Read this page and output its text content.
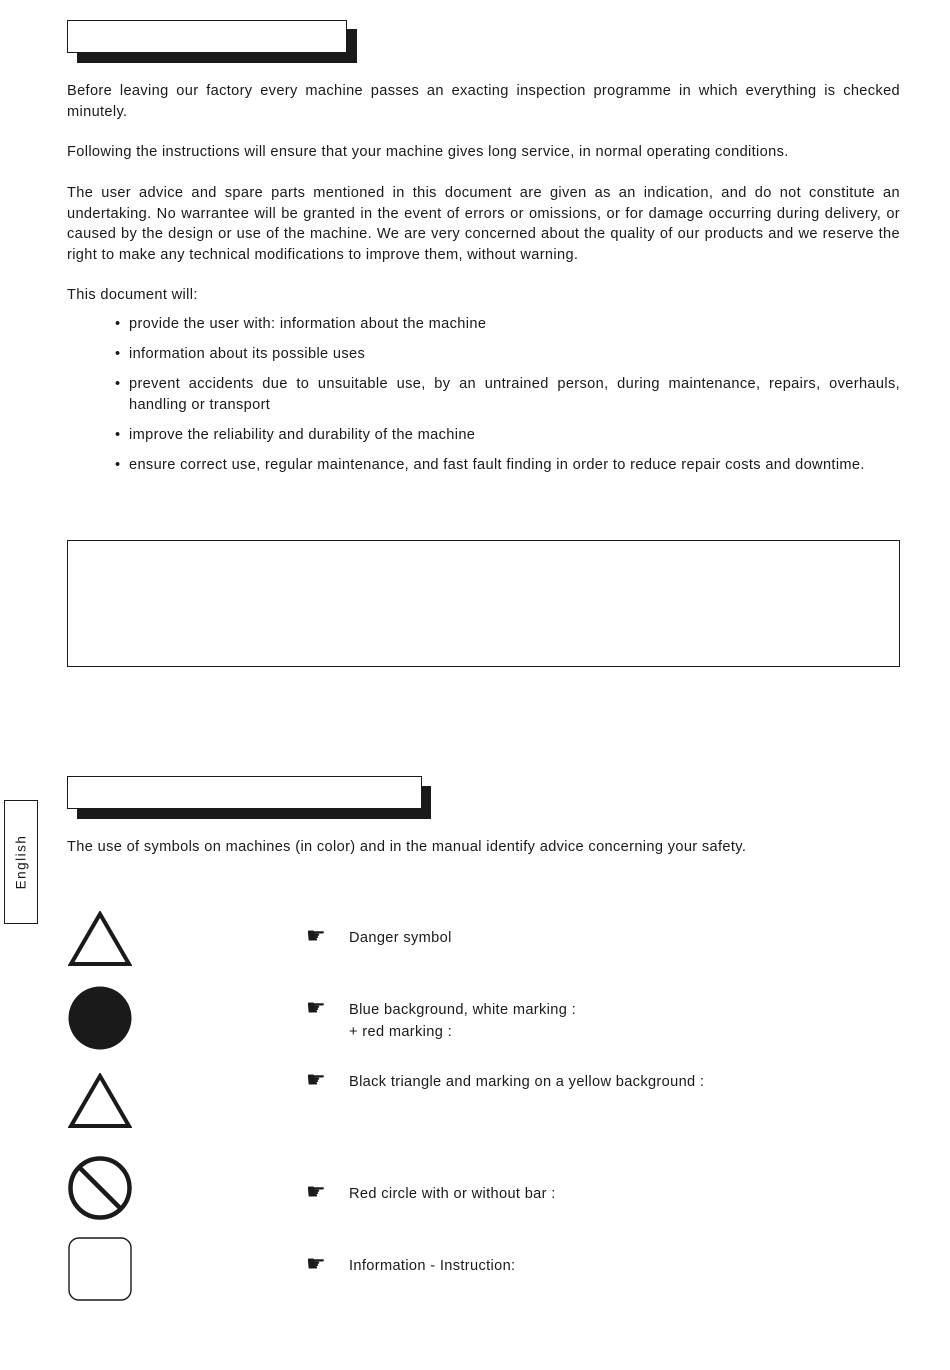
Before leaving our factory every machine passes an exacting inspection programme in which everything is checked minutely.

Following the instructions will ensure that your machine gives long service, in normal operating conditions.

The user advice and spare parts mentioned in this document are given as an indication, and do not constitute an undertaking. No warrantee will be granted in the event of errors or omissions, or for damage occurring during delivery, or caused by the design or use of the machine. We are very concerned about the quality of our products and we reserve the right to make any technical modifications to improve them, without warning.

This document will:

• provide the user with: information about the machine
• information about its possible uses
• prevent accidents due to unsuitable use, by an untrained person, during maintenance, repairs, overhauls, handling or transport
• improve the reliability and durability of the machine
• ensure correct use, regular maintenance, and fast fault finding in order to reduce repair costs and downtime.
English	The use of symbols on machines (in color) and in the manual identify advice concerning your safety.

☛ Danger symbol
☛ Blue background, white marking :
+ red marking :
☛ Black triangle and marking on a yellow background :
☛ Red circle with or without bar :
☛ Information - Instruction:
